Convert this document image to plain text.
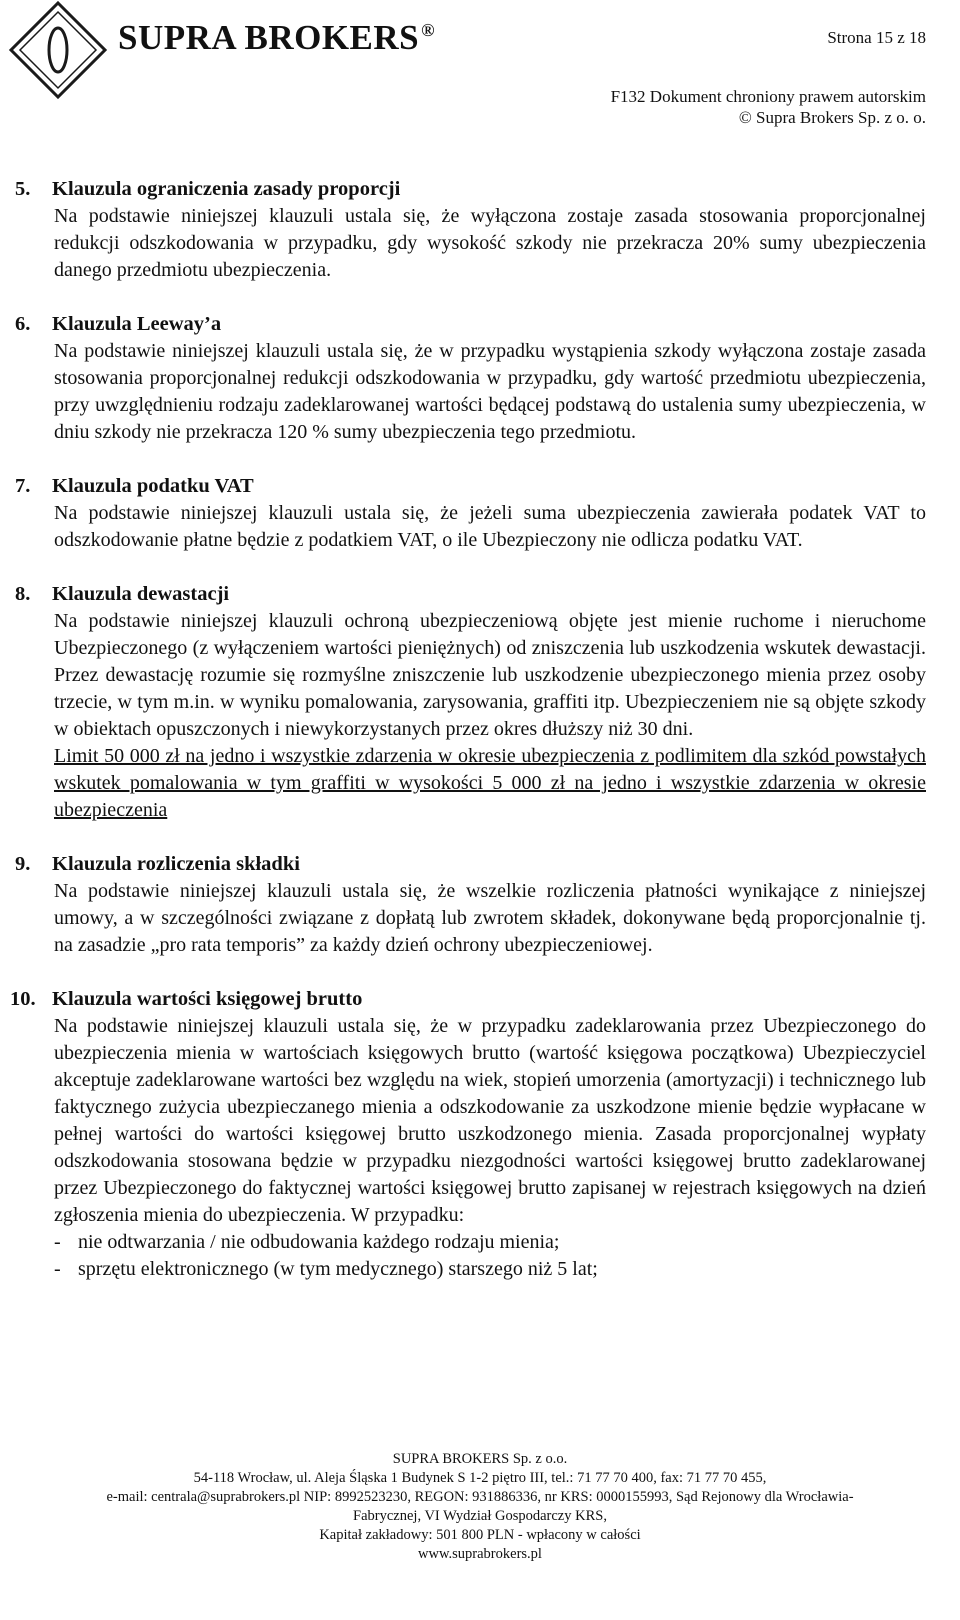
SUPRA BROKERS ®	Strona 15 z 18
F132 Dokument chroniony prawem autorskim
© Supra Brokers Sp. z o. o.
5. Klauzula ograniczenia zasady proporcji

Na podstawie niniejszej klauzuli ustala się, że wyłączona zostaje zasada stosowania proporcjonalnej redukcji odszkodowania w przypadku, gdy wysokość szkody nie przekracza 20% sumy ubezpieczenia danego przedmiotu ubezpieczenia.

6. Klauzula Leeway’a

Na podstawie niniejszej klauzuli ustala się, że w przypadku wystąpienia szkody wyłączona zostaje zasada stosowania proporcjonalnej redukcji odszkodowania w przypadku, gdy wartość przedmiotu ubezpieczenia, przy uwzględnieniu rodzaju zadeklarowanej wartości będącej podstawą do ustalenia sumy ubezpieczenia, w dniu szkody nie przekracza 120 % sumy ubezpieczenia tego przedmiotu.

7. Klauzula podatku VAT

Na podstawie niniejszej klauzuli ustala się, że jeżeli suma ubezpieczenia zawierała podatek VAT to odszkodowanie płatne będzie z podatkiem VAT, o ile Ubezpieczony nie odlicza podatku VAT.

8. Klauzula dewastacji

Na podstawie niniejszej klauzuli ochroną ubezpieczeniową objęte jest mienie ruchome i nieruchome Ubezpieczonego (z wyłączeniem wartości pieniężnych) od zniszczenia lub uszkodzenia wskutek dewastacji. Przez dewastację rozumie się rozmyślne zniszczenie lub uszkodzenie ubezpieczonego mienia przez osoby trzecie, w tym m.in. w wyniku pomalowania, zarysowania, graffiti itp. Ubezpieczeniem nie są objęte szkody w obiektach opuszczonych i niewykorzystanych przez okres dłuższy niż 30 dni.

Limit 50 000 zł na jedno i wszystkie zdarzenia w okresie ubezpieczenia z podlimitem dla szkód powstałych wskutek pomalowania w tym graffiti w wysokości 5 000 zł na jedno i wszystkie zdarzenia w okresie ubezpieczenia

9. Klauzula rozliczenia składki

Na podstawie niniejszej klauzuli ustala się, że wszelkie rozliczenia płatności wynikające z niniejszej umowy, a w szczególności związane z dopłatą lub zwrotem składek, dokonywane będą proporcjonalnie tj. na zasadzie „pro rata temporis” za każdy dzień ochrony ubezpieczeniowej.

10. Klauzula wartości księgowej brutto

Na podstawie niniejszej klauzuli ustala się, że w przypadku zadeklarowania przez Ubezpieczonego do ubezpieczenia mienia w wartościach księgowych brutto (wartość księgowa początkowa) Ubezpieczyciel akceptuje zadeklarowane wartości bez względu na wiek, stopień umorzenia (amortyzacji) i technicznego lub faktycznego zużycia ubezpieczanego mienia a odszkodowanie za uszkodzone mienie będzie wypłacane w pełnej wartości do wartości księgowej brutto uszkodzonego mienia. Zasada proporcjonalnej wypłaty odszkodowania stosowana będzie w przypadku niezgodności wartości księgowej brutto zadeklarowanej przez Ubezpieczonego do faktycznej wartości księgowej brutto zapisanej w rejestrach księgowych na dzień zgłoszenia mienia do ubezpieczenia. W przypadku:

- nie odtwarzania / nie odbudowania każdego rodzaju mienia;
- sprzętu elektronicznego (w tym medycznego) starszego niż 5 lat;
SUPRA BROKERS Sp. z o.o.
54-118 Wrocław, ul. Aleja Śląska 1 Budynek S 1-2 piętro III, tel.: 71 77 70 400, fax: 71 77 70 455,
e-mail: centrala@suprabrokers.pl NIP: 8992523230, REGON: 931886336, nr KRS: 0000155993, Sąd Rejonowy dla Wrocławia-
Fabrycznej, VI Wydział Gospodarczy KRS,
Kapitał zakładowy: 501 800 PLN - wpłacony w całości
www.suprabrokers.pl
